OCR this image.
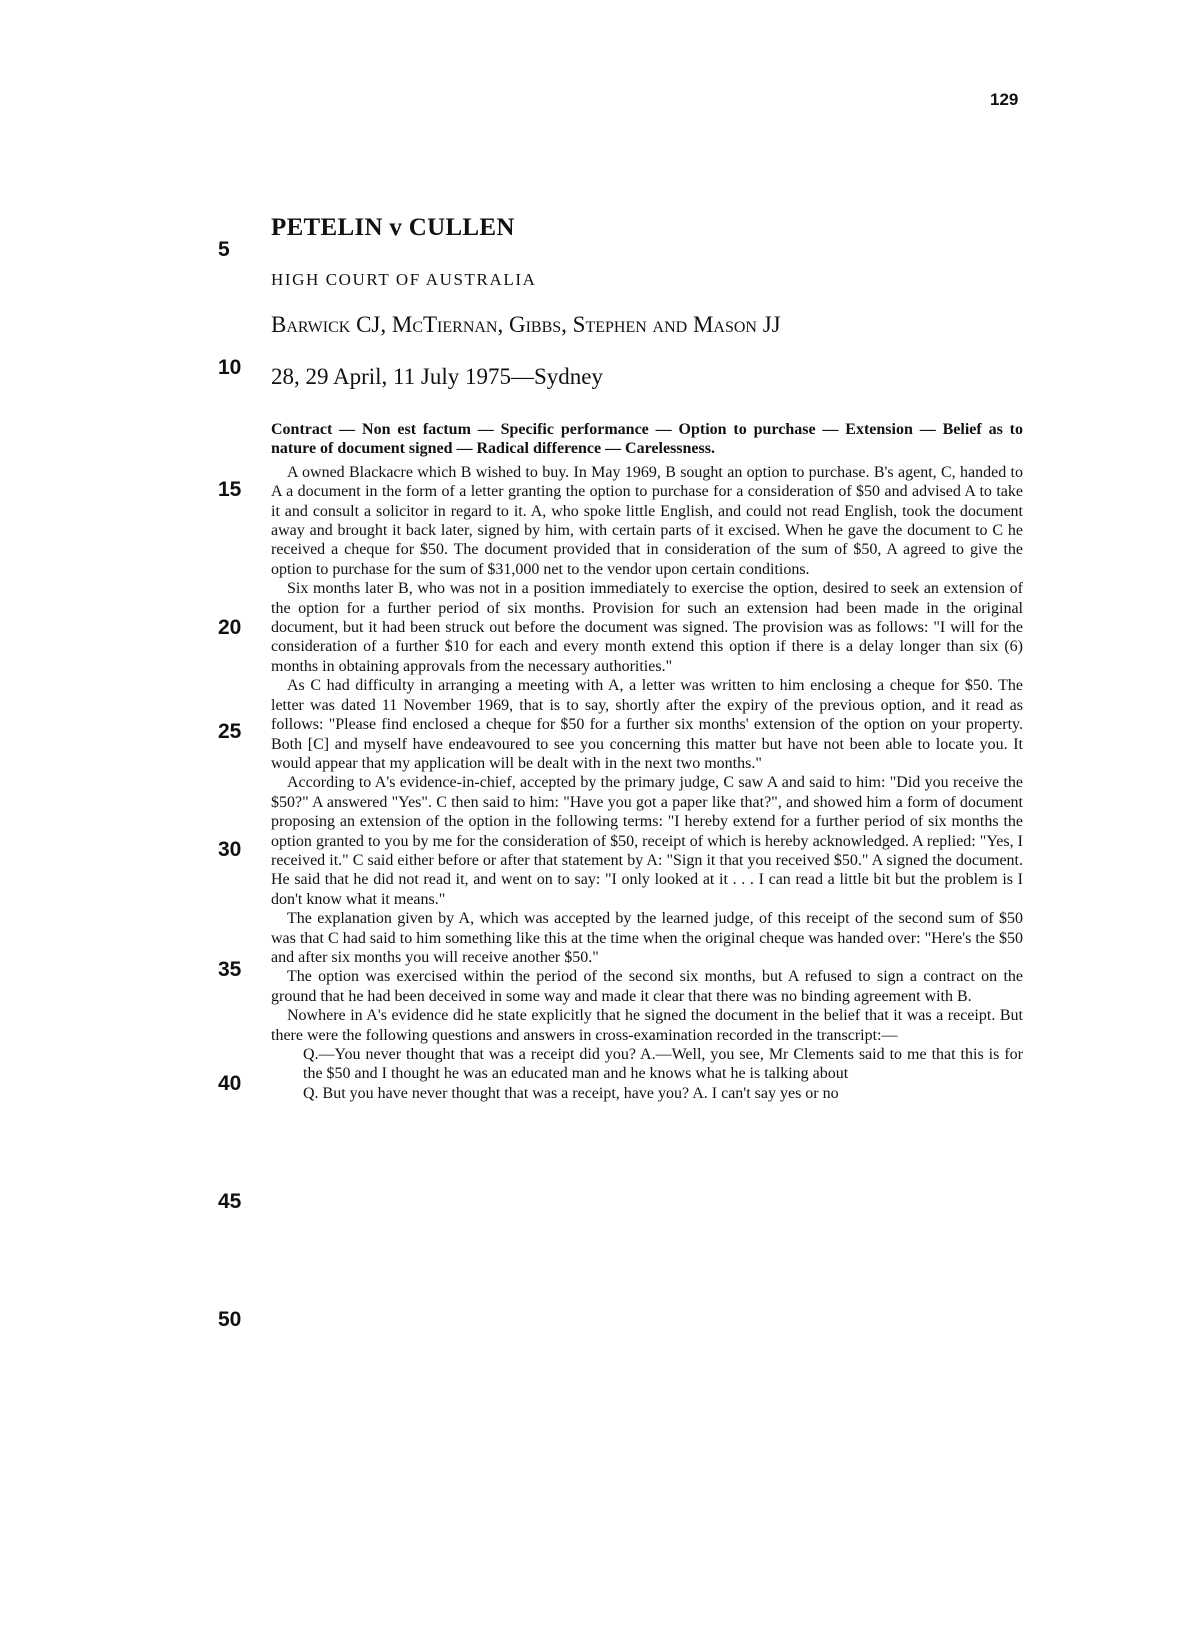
129
5
10
15
20
25
30
35
40
45
50
PETELIN v CULLEN
HIGH COURT OF AUSTRALIA
Barwick CJ, McTiernan, Gibbs, Stephen and Mason JJ
28, 29 April, 11 July 1975—Sydney

Contract — Non est factum — Specific performance — Option to purchase — Extension — Belief as to nature of document signed — Radical difference — Carelessness.

A owned Blackacre which B wished to buy. In May 1969, B sought an option to purchase. B's agent, C, handed to A a document in the form of a letter granting the option to purchase for a consideration of $50 and advised A to take it and consult a solicitor in regard to it. A, who spoke little English, and could not read English, took the document away and brought it back later, signed by him, with certain parts of it excised. When he gave the document to C he received a cheque for $50. The document provided that in consideration of the sum of $50, A agreed to give the option to purchase for the sum of $31,000 net to the vendor upon certain conditions.

Six months later B, who was not in a position immediately to exercise the option, desired to seek an extension of the option for a further period of six months. Provision for such an extension had been made in the original document, but it had been struck out before the document was signed. The provision was as follows: "I will for the consideration of a further $10 for each and every month extend this option if there is a delay longer than six (6) months in obtaining approvals from the necessary authorities."

As C had difficulty in arranging a meeting with A, a letter was written to him enclosing a cheque for $50. The letter was dated 11 November 1969, that is to say, shortly after the expiry of the previous option, and it read as follows: "Please find enclosed a cheque for $50 for a further six months' extension of the option on your property. Both [C] and myself have endeavoured to see you concerning this matter but have not been able to locate you. It would appear that my application will be dealt with in the next two months."

According to A's evidence-in-chief, accepted by the primary judge, C saw A and said to him: "Did you receive the $50?" A answered "Yes". C then said to him: "Have you got a paper like that?", and showed him a form of document proposing an extension of the option in the following terms: "I hereby extend for a further period of six months the option granted to you by me for the consideration of $50, receipt of which is hereby acknowledged. A replied: "Yes, I received it." C said either before or after that statement by A: "Sign it that you received $50." A signed the document. He said that he did not read it, and went on to say: "I only looked at it . . . I can read a little bit but the problem is I don't know what it means."

The explanation given by A, which was accepted by the learned judge, of this receipt of the second sum of $50 was that C had said to him something like this at the time when the original cheque was handed over: "Here's the $50 and after six months you will receive another $50."

The option was exercised within the period of the second six months, but A refused to sign a contract on the ground that he had been deceived in some way and made it clear that there was no binding agreement with B.

Nowhere in A's evidence did he state explicitly that he signed the document in the belief that it was a receipt. But there were the following questions and answers in cross-examination recorded in the transcript:—

Q.—You never thought that was a receipt did you? A.—Well, you see, Mr Clements said to me that this is for the $50 and I thought he was an educated man and he knows what he is talking about

Q. But you have never thought that was a receipt, have you? A. I can't say yes or no
